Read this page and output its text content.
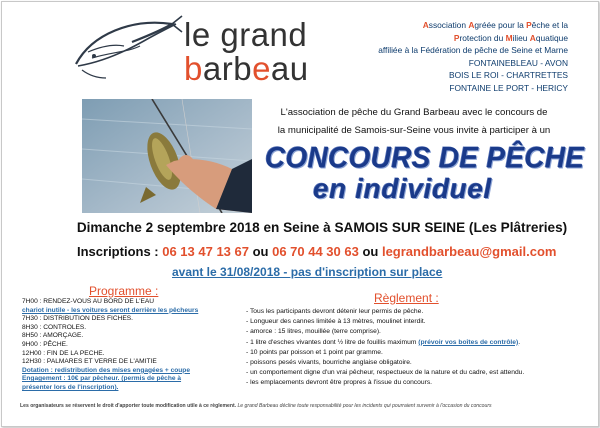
le grand
barbeau
Association Agréée pour la Pêche et la
Protection du Milieu Aquatique
affiliée à la Fédération de pêche de Seine et Marne
FONTAINEBLEAU - AVON
BOIS LE ROI - CHARTRETTES
FONTAINE LE PORT - HERICY
L'association de pêche du Grand Barbeau avec le concours de
la municipalité de Samois-sur-Seine vous invite à participer à un
CONCOURS DE PÊCHE
en individuel
Dimanche 2 septembre 2018 en Seine à SAMOIS SUR SEINE (Les Plâtreries)
Inscriptions : 06 13 47 13 67 ou 06 70 44 30 63 ou legrandbarbeau@gmail.com
avant le 31/08/2018 - pas d'inscription sur place
Programme :
7H00 : RENDEZ-VOUS AU BORD DE L'EAU
chariot inutile - les voitures seront derrière les pêcheurs
7H30 : DISTRIBUTION DES FICHES.
8H30 : CONTROLES.
8H50 : AMORÇAGE.
9H00 : PÊCHE.
12H00 : FIN DE LA PECHE.
12H30 : PALMARES ET VERRE DE L'AMITIE
Dotation : redistribution des mises engagées + coupe
Engagement : 10€ par pêcheur. (permis de pêche à
présenter lors de l'inscription).
Règlement :
- Tous les participants devront détenir leur permis de pêche.
- Longueur des cannes limitée à 13 mètres, moulinet interdit.
- amorce : 15 litres, mouillée (terre comprise).
- 1 litre d'esches vivantes dont ½ litre de fouillis maximum (prévoir vos boîtes de contrôle).
- 10 points par poisson et 1 point par gramme.
- poissons pesés vivants, bourriche anglaise obligatoire.
- un comportement digne d'un vrai pêcheur, respectueux de la nature et du cadre, est attendu.
- les emplacements devront être propres à l'issue du concours.
Les organisateurs se réservent le droit d'apporter toute modification utile à ce règlement. Le grand Barbeau décline toute responsabilité pour les incidents qui pourraient survenir à l'occasion du concours
